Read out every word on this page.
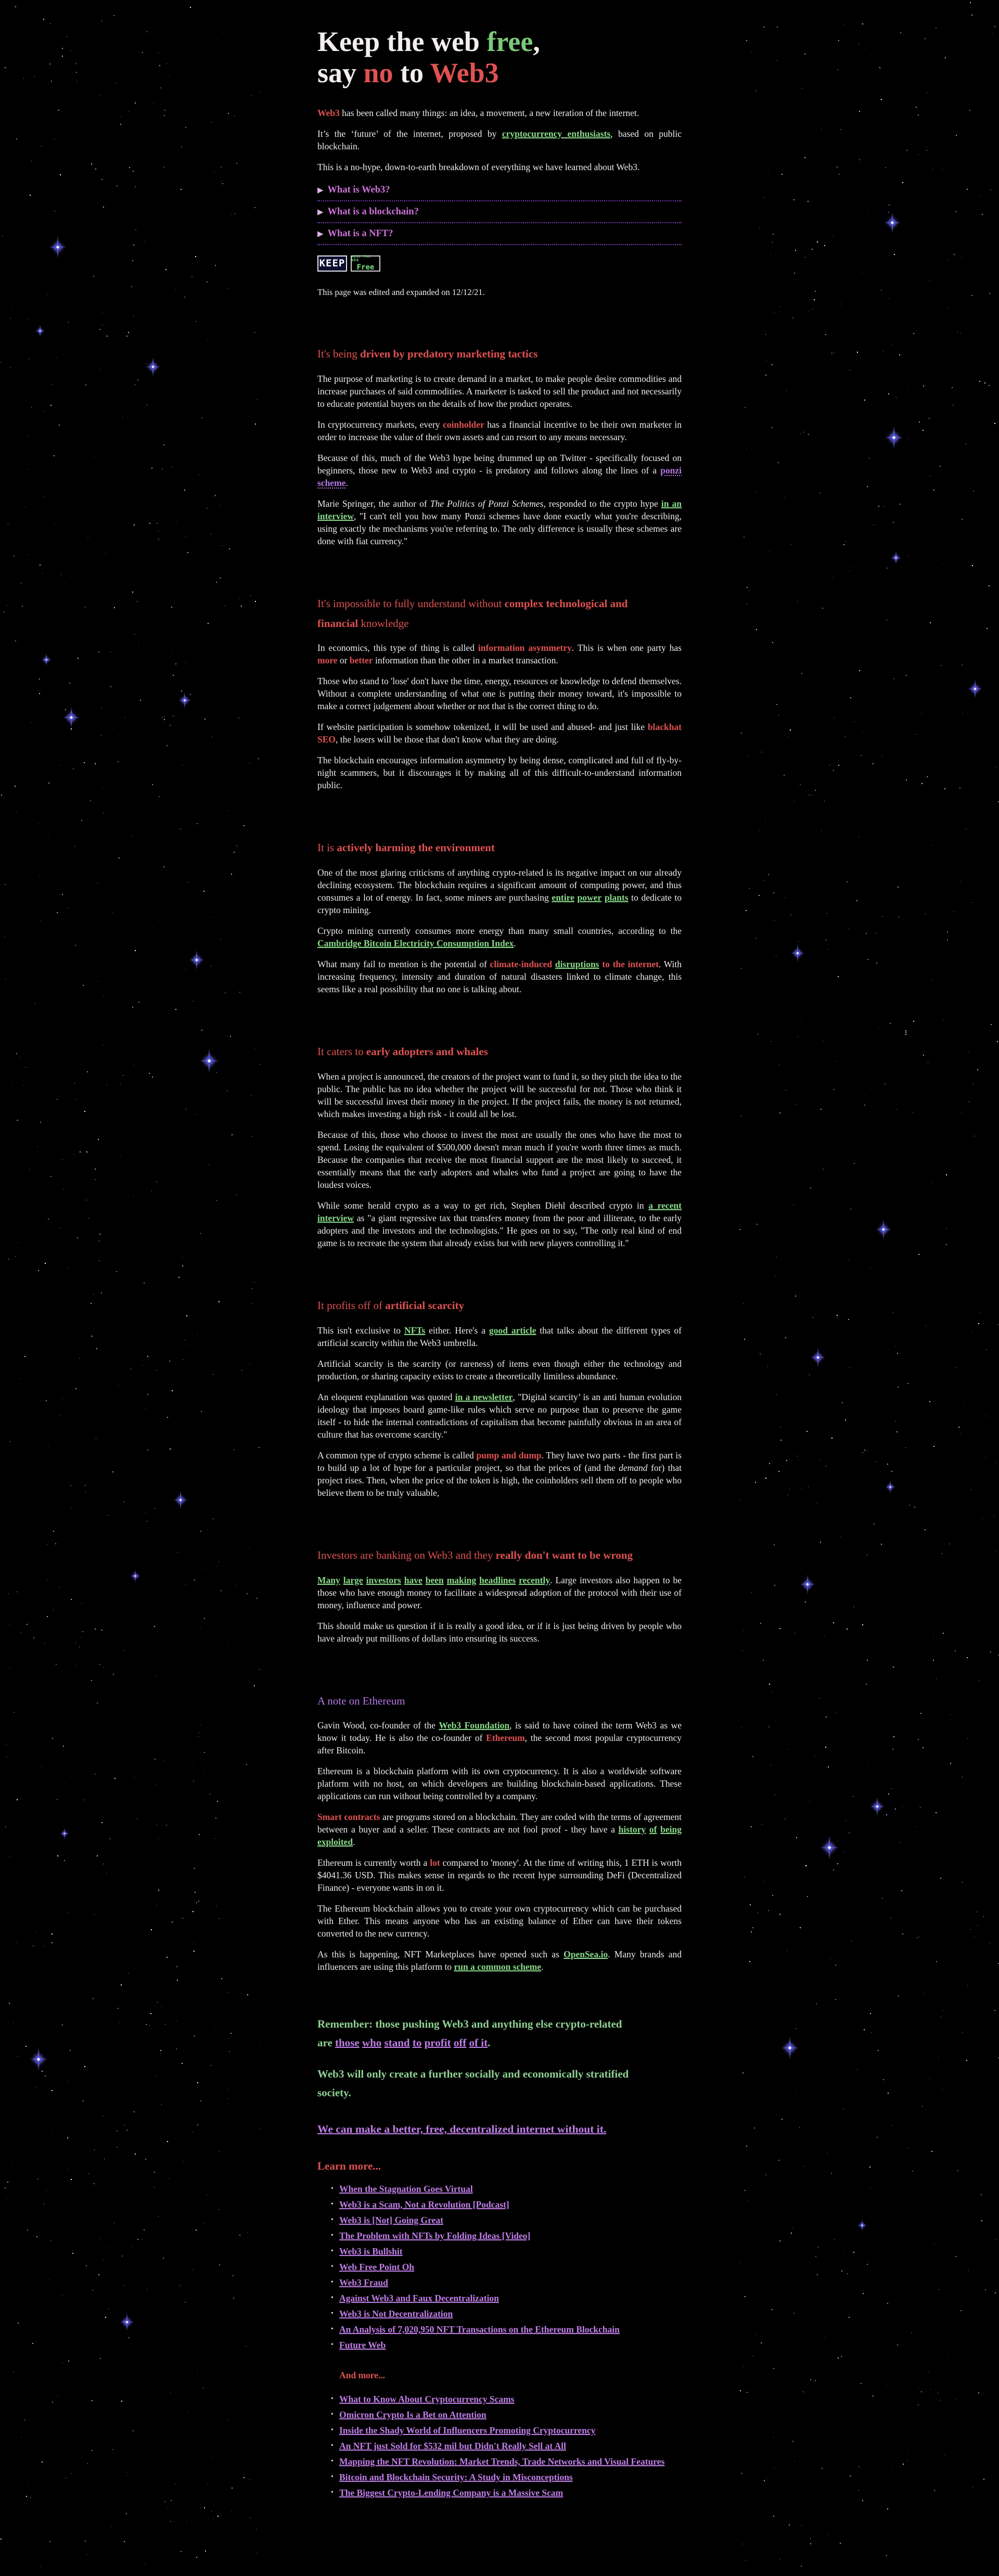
Keep the web free,
say no to Web3

Web3 has been called many things: an idea, a movement, a new iteration of the internet.

It’s the ‘future’ of the internet, proposed by cryptocurrency enthusiasts, based on public blockchain.

This is a no-hype, down-to-earth breakdown of everything we have learned about Web3.

▶ What is Web3?
▶ What is a blockchain?
▶ What is a NFT?
KEEP
KEEP THE WEB
Free

This page was edited and expanded on 12/12/21.

It's being driven by predatory marketing tactics

The purpose of marketing is to create demand in a market, to make people desire commodities and increase purchases of said commodities. A marketer is tasked to sell the product and not necessarily to educate potential buyers on the details of how the product operates.

In cryptocurrency markets, every coinholder has a financial incentive to be their own marketer in order to increase the value of their own assets and can resort to any means necessary.

Because of this, much of the Web3 hype being drummed up on Twitter - specifically focused on beginners, those new to Web3 and crypto - is predatory and follows along the lines of a ponzi scheme.

Marie Springer, the author of The Politics of Ponzi Schemes, responded to the crypto hype in an interview, "I can't tell you how many Ponzi schemes have done exactly what you're describing, using exactly the mechanisms you're referring to. The only difference is usually these schemes are done with fiat currency."

It's impossible to fully understand without complex technological and
financial knowledge

In economics, this type of thing is called information asymmetry. This is when one party has more or better information than the other in a market transaction.

Those who stand to 'lose' don't have the time, energy, resources or knowledge to defend themselves. Without a complete understanding of what one is putting their money toward, it's impossible to make a correct judgement about whether or not that is the correct thing to do.

If website participation is somehow tokenized, it will be used and abused- and just like blackhat SEO, the losers will be those that don't know what they are doing.

The blockchain encourages information asymmetry by being dense, complicated and full of fly-by-night scammers, but it discourages it by making all of this difficult-to-understand information public.

It is actively harming the environment

One of the most glaring criticisms of anything crypto-related is its negative impact on our already declining ecosystem. The blockchain requires a significant amount of computing power, and thus consumes a lot of energy. In fact, some miners are purchasing entire power plants to dedicate to crypto mining.

Crypto mining currently consumes more energy than many small countries, according to the Cambridge Bitcoin Electricity Consumption Index.

What many fail to mention is the potential of climate-induced disruptions to the internet. With increasing frequency, intensity and duration of natural disasters linked to climate change, this seems like a real possibility that no one is talking about.

It caters to early adopters and whales

When a project is announced, the creators of the project want to fund it, so they pitch the idea to the public. The public has no idea whether the project will be successful for not. Those who think it will be successful invest their money in the project. If the project fails, the money is not returned, which makes investing a high risk - it could all be lost.

Because of this, those who choose to invest the most are usually the ones who have the most to spend. Losing the equivalent of $500,000 doesn't mean much if you're worth three times as much. Because the companies that receive the most financial support are the most likely to succeed, it essentially means that the early adopters and whales who fund a project are going to have the loudest voices.

While some herald crypto as a way to get rich, Stephen Diehl described crypto in a recent interview as "a giant regressive tax that transfers money from the poor and illiterate, to the early adopters and the investors and the technologists." He goes on to say, "The only real kind of end game is to recreate the system that already exists but with new players controlling it."

It profits off of artificial scarcity

This isn't exclusive to NFTs either. Here's a good article that talks about the different types of artificial scarcity within the Web3 umbrella.

Artificial scarcity is the scarcity (or rareness) of items even though either the technology and production, or sharing capacity exists to create a theoretically limitless abundance.

An eloquent explanation was quoted in a newsletter, "Digital scarcity’ is an anti human evolution ideology that imposes board game-like rules which serve no purpose than to preserve the game itself - to hide the internal contradictions of capitalism that become painfully obvious in an area of culture that has overcome scarcity."

A common type of crypto scheme is called pump and dump. They have two parts - the first part is to build up a lot of hype for a particular project, so that the prices of (and the demand for) that project rises. Then, when the price of the token is high, the coinholders sell them off to people who believe them to be truly valuable,

Investors are banking on Web3 and they really don't want to be wrong

Many large investors have been making headlines recently. Large investors also happen to be those who have enough money to facilitate a widespread adoption of the protocol with their use of money, influence and power.

This should make us question if it is really a good idea, or if it is just being driven by people who have already put millions of dollars into ensuring its success.

A note on Ethereum

Gavin Wood, co-founder of the Web3 Foundation, is said to have coined the term Web3 as we know it today. He is also the co-founder of Ethereum, the second most popular cryptocurrency after Bitcoin.

Ethereum is a blockchain platform with its own cryptocurrency. It is also a worldwide software platform with no host, on which developers are building blockchain-based applications. These applications can run without being controlled by a company.

Smart contracts are programs stored on a blockchain. They are coded with the terms of agreement between a buyer and a seller. These contracts are not fool proof - they have a history of being exploited.

Ethereum is currently worth a lot compared to 'money'. At the time of writing this, 1 ETH is worth $4041.36 USD. This makes sense in regards to the recent hype surrounding DeFi (Decentralized Finance) - everyone wants in on it.

The Ethereum blockchain allows you to create your own cryptocurrency which can be purchased with Ether. This means anyone who has an existing balance of Ether can have their tokens converted to the new currency.

As this is happening, NFT Marketplaces have opened such as OpenSea.io. Many brands and influencers are using this platform to run a common scheme.

Remember: those pushing Web3 and anything else crypto-related
are those who stand to profit off of it.
Web3 will only create a further socially and economically stratified
society.

We can make a better, free, decentralized internet without it.

Learn more...
• When the Stagnation Goes Virtual
• Web3 is a Scam, Not a Revolution [Podcast]
• Web3 is [Not] Going Great
• The Problem with NFTs by Folding Ideas [Video]
• Web3 is Bullshit
• Web Free Point Oh
• Web3 Fraud
• Against Web3 and Faux Decentralization
• Web3 is Not Decentralization
• An Analysis of 7,020,950 NFT Transactions on the Ethereum Blockchain
• Future Web
And more...
• What to Know About Cryptocurrency Scams
• Omicron Crypto Is a Bet on Attention
• Inside the Shady World of Influencers Promoting Cryptocurrency
• An NFT just Sold for $532 mil but Didn't Really Sell at All
• Mapping the NFT Revolution: Market Trends, Trade Networks and Visual Features
• Bitcoin and Blockchain Security: A Study in Misconceptions
• The Biggest Crypto-Lending Company is a Massive Scam
